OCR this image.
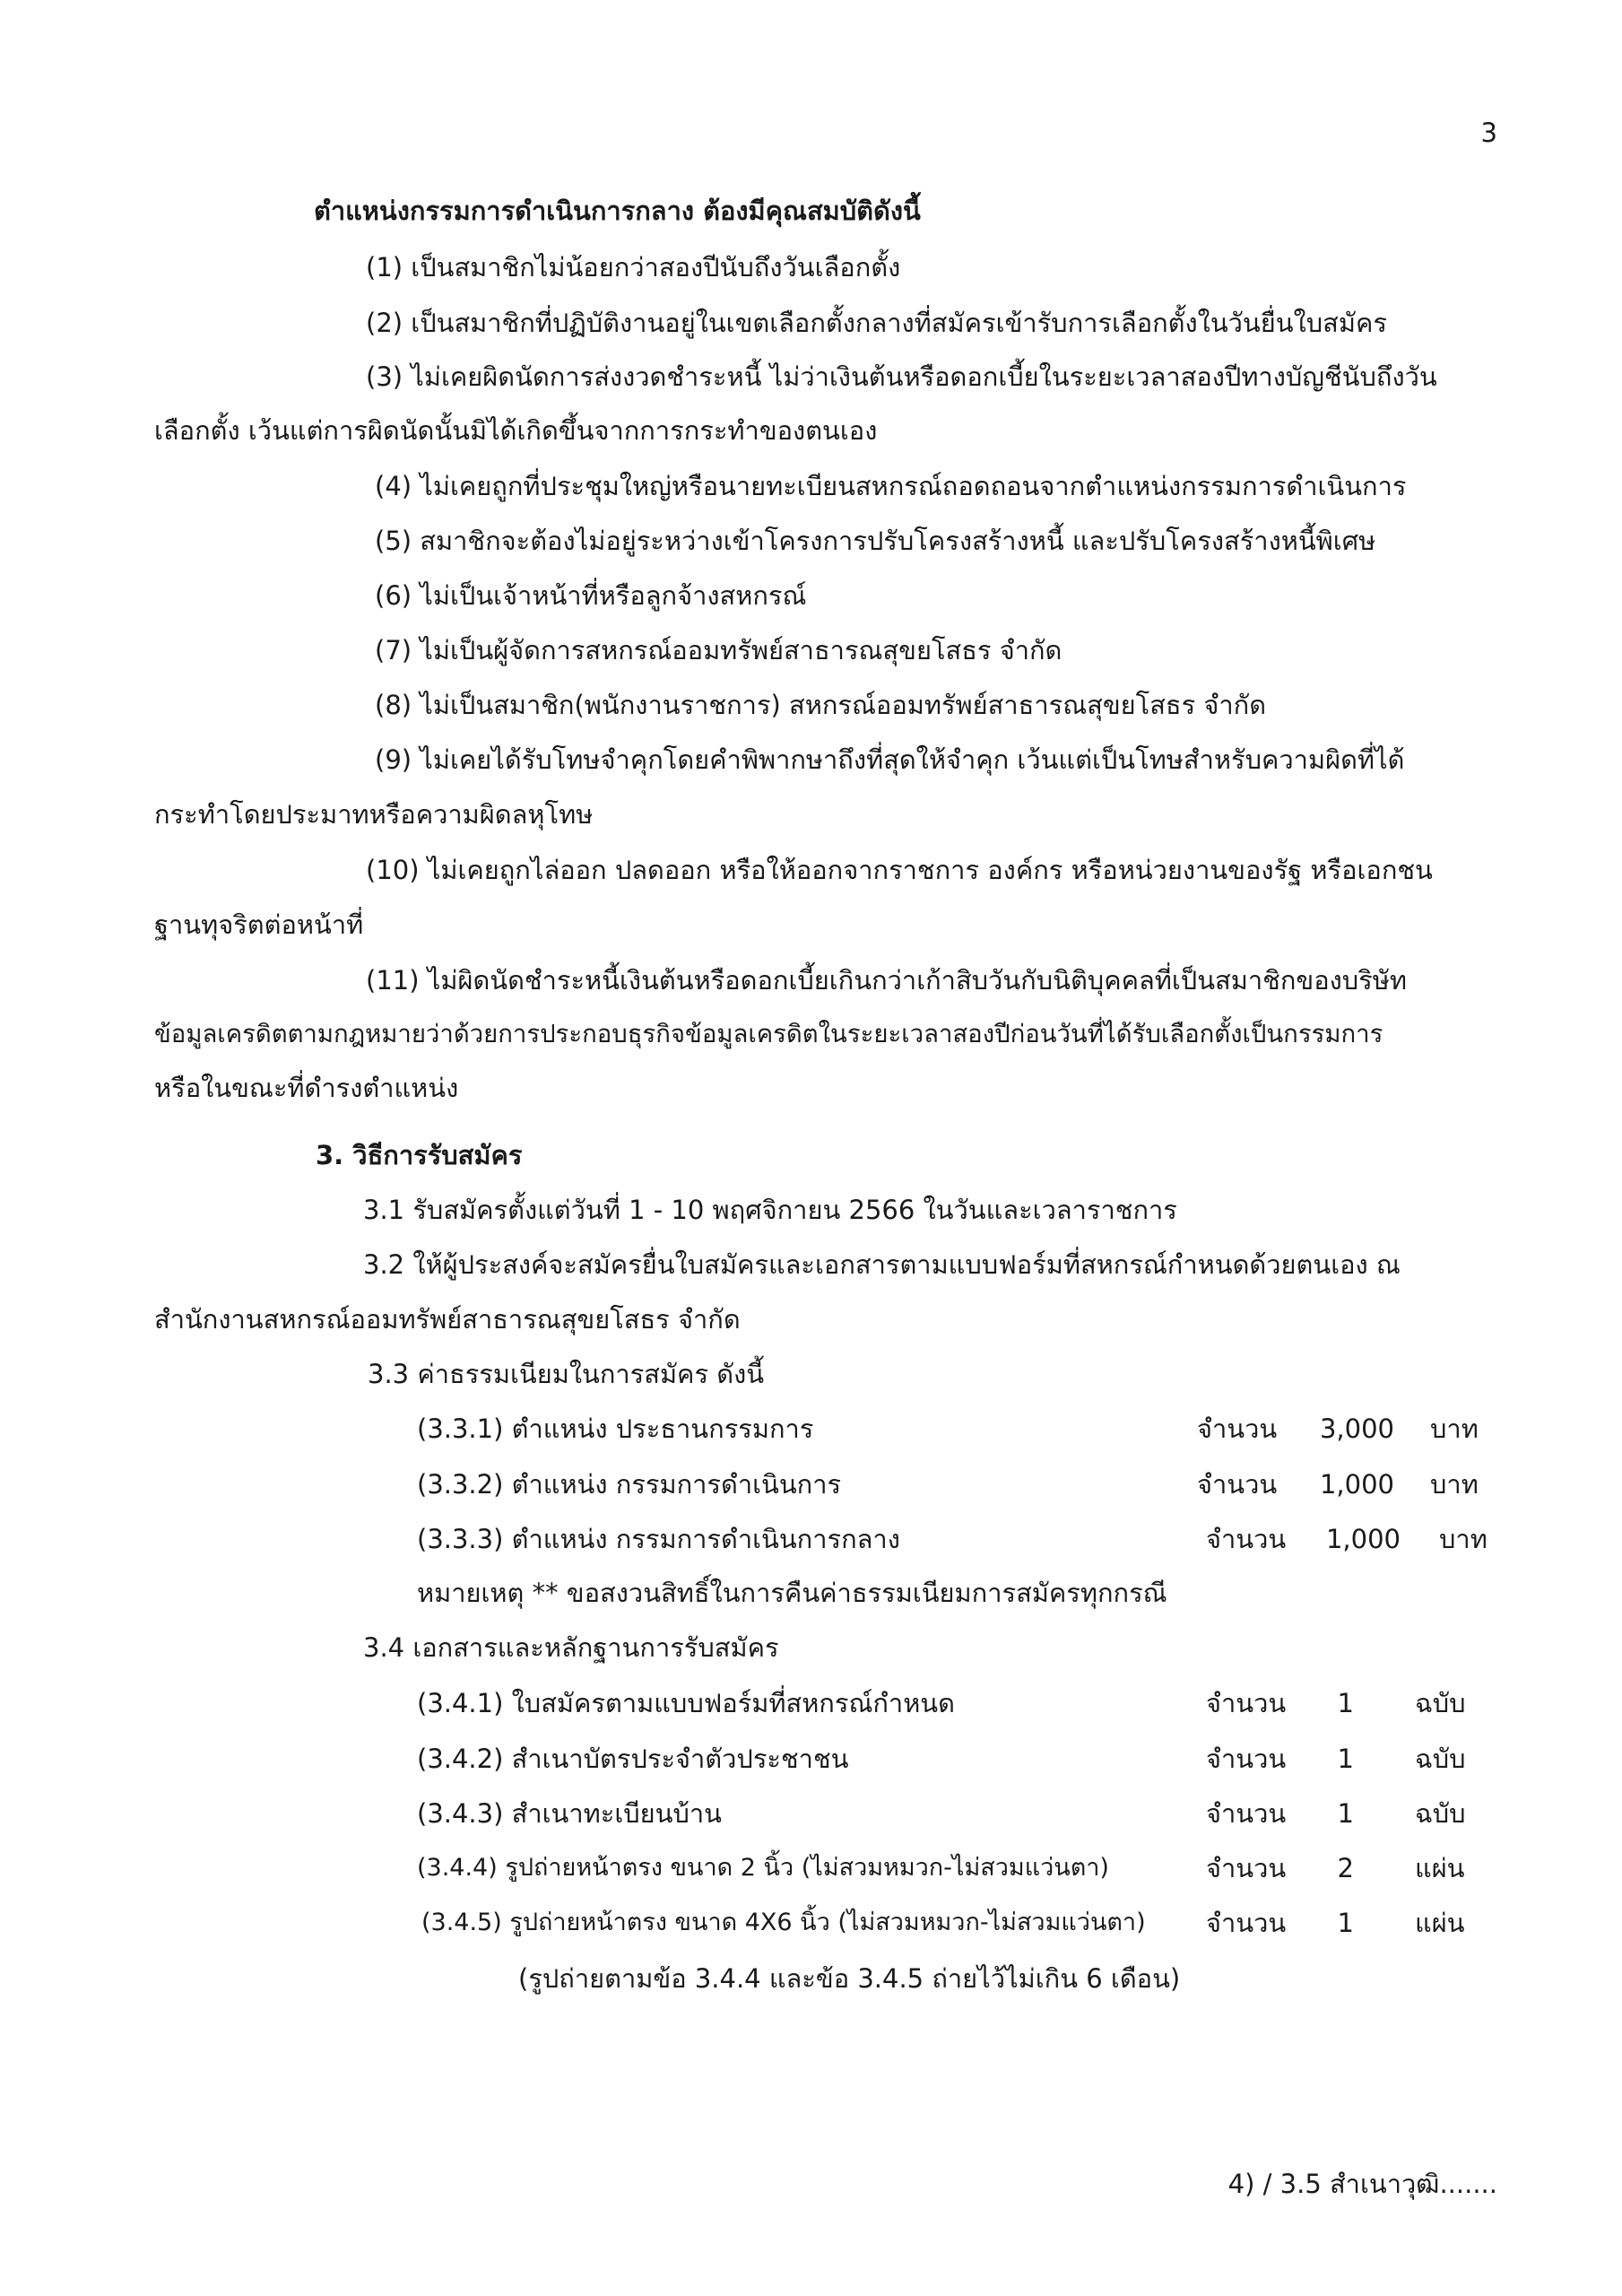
3
ตำแหน่งกรรมการดำเนินการกลาง ต้องมีคุณสมบัติดังนี้
(1) เป็นสมาชิกไม่น้อยกว่าสองปีนับถึงวันเลือกตั้ง
(2) เป็นสมาชิกที่ปฏิบัติงานอยู่ในเขตเลือกตั้งกลางที่สมัครเข้ารับการเลือกตั้งในวันยื่นใบสมัคร
(3) ไม่เคยผิดนัดการส่งงวดชำระหนี้ ไม่ว่าเงินต้นหรือดอกเบี้ยในระยะเวลาสองปีทางบัญชีนับถึงวัน
เลือกตั้ง เว้นแต่การผิดนัดนั้นมิได้เกิดขึ้นจากการกระทำของตนเอง
(4) ไม่เคยถูกที่ประชุมใหญ่หรือนายทะเบียนสหกรณ์ถอดถอนจากตำแหน่งกรรมการดำเนินการ
(5) สมาชิกจะต้องไม่อยู่ระหว่างเข้าโครงการปรับโครงสร้างหนี้ และปรับโครงสร้างหนี้พิเศษ
(6) ไม่เป็นเจ้าหน้าที่หรือลูกจ้างสหกรณ์
(7) ไม่เป็นผู้จัดการสหกรณ์ออมทรัพย์สาธารณสุขยโสธร จำกัด
(8) ไม่เป็นสมาชิก(พนักงานราชการ) สหกรณ์ออมทรัพย์สาธารณสุขยโสธร จำกัด
(9) ไม่เคยได้รับโทษจำคุกโดยคำพิพากษาถึงที่สุดให้จำคุก เว้นแต่เป็นโทษสำหรับความผิดที่ได้
กระทำโดยประมาทหรือความผิดลหุโทษ
(10) ไม่เคยถูกไล่ออก ปลดออก หรือให้ออกจากราชการ องค์กร หรือหน่วยงานของรัฐ หรือเอกชน
ฐานทุจริตต่อหน้าที่
(11) ไม่ผิดนัดชำระหนี้เงินต้นหรือดอกเบี้ยเกินกว่าเก้าสิบวันกับนิติบุคคลที่เป็นสมาชิกของบริษัท
ข้อมูลเครดิตตามกฎหมายว่าด้วยการประกอบธุรกิจข้อมูลเครดิตในระยะเวลาสองปีก่อนวันที่ได้รับเลือกตั้งเป็นกรรมการ
หรือในขณะที่ดำรงตำแหน่ง
3. วิธีการรับสมัคร
3.1 รับสมัครตั้งแต่วันที่ 1 - 10 พฤศจิกายน 2566 ในวันและเวลาราชการ
3.2 ให้ผู้ประสงค์จะสมัครยื่นใบสมัครและเอกสารตามแบบฟอร์มที่สหกรณ์กำหนดด้วยตนเอง ณ
สำนักงานสหกรณ์ออมทรัพย์สาธารณสุขยโสธร จำกัด
3.3 ค่าธรรมเนียมในการสมัคร ดังนี้
(3.3.1) ตำแหน่ง ประธานกรรมการ	จำนวน	3,000 บาท
(3.3.2) ตำแหน่ง กรรมการดำเนินการ	จำนวน	1,000 บาท
(3.3.3) ตำแหน่ง กรรมการดำเนินการกลาง	จำนวน	1,000 บาท
หมายเหตุ ** ขอสงวนสิทธิ์ในการคืนค่าธรรมเนียมการสมัครทุกกรณี
3.4 เอกสารและหลักฐานการรับสมัคร
(3.4.1) ใบสมัครตามแบบฟอร์มที่สหกรณ์กำหนด	จำนวน	1 ฉบับ
(3.4.2) สำเนาบัตรประจำตัวประชาชน	จำนวน	1 ฉบับ
(3.4.3) สำเนาทะเบียนบ้าน	จำนวน	1 ฉบับ
(3.4.4) รูปถ่ายหน้าตรง ขนาด 2 นิ้ว (ไม่สวมหมวก-ไม่สวมแว่นตา)	จำนวน	2 แผ่น
(3.4.5) รูปถ่ายหน้าตรง ขนาด 4X6 นิ้ว (ไม่สวมหมวก-ไม่สวมแว่นตา) จำนวน	1 แผ่น
(รูปถ่ายตามข้อ 3.4.4 และข้อ 3.4.5 ถ่ายไว้ไม่เกิน 6 เดือน)
4) / 3.5 สำเนาวุฒิ.......
